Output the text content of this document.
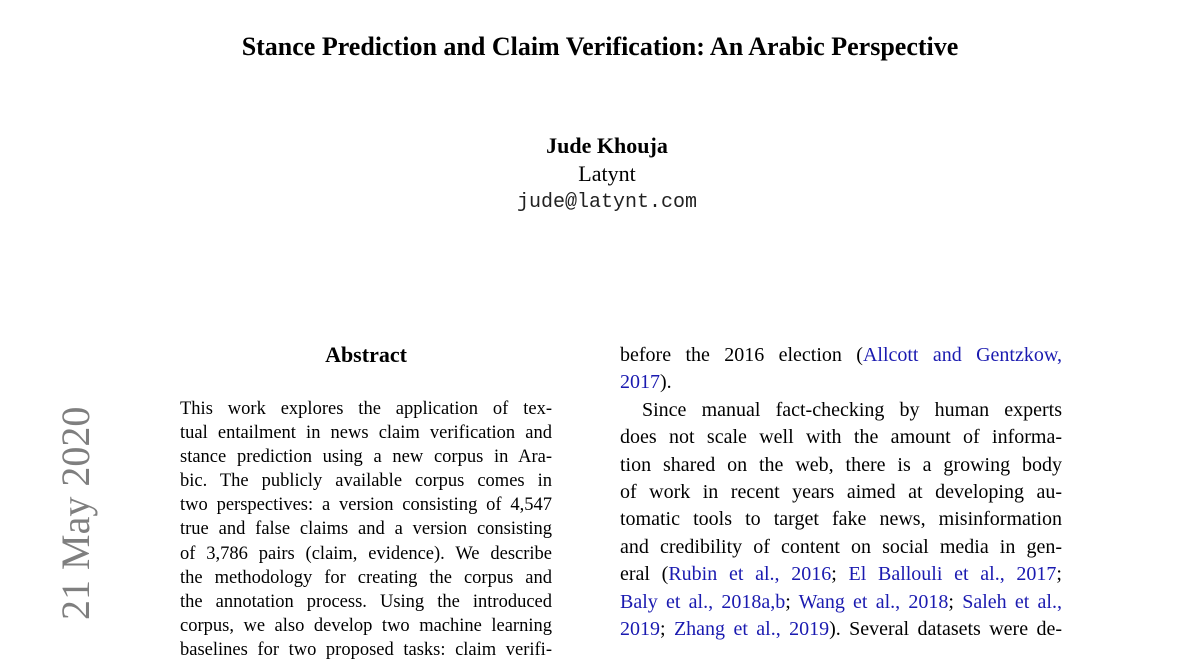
Stance Prediction and Claim Verification: An Arabic Perspective
Jude Khouja
Latynt
jude@latynt.com
21 May 2020
Abstract
This work explores the application of tex-
tual entailment in news claim verification and
stance prediction using a new corpus in Ara-
bic. The publicly available corpus comes in
two perspectives: a version consisting of 4,547
true and false claims and a version consisting
of 3,786 pairs (claim, evidence). We describe
the methodology for creating the corpus and
the annotation process. Using the introduced
corpus, we also develop two machine learning
baselines for two proposed tasks: claim verifi-
before the 2016 election (Allcott and Gentzkow,
2017).
Since manual fact-checking by human experts
does not scale well with the amount of informa-
tion shared on the web, there is a growing body
of work in recent years aimed at developing au-
tomatic tools to target fake news, misinformation
and credibility of content on social media in gen-
eral (Rubin et al., 2016; El Ballouli et al., 2017;
Baly et al., 2018a,b; Wang et al., 2018; Saleh et al.,
2019; Zhang et al., 2019). Several datasets were de-
